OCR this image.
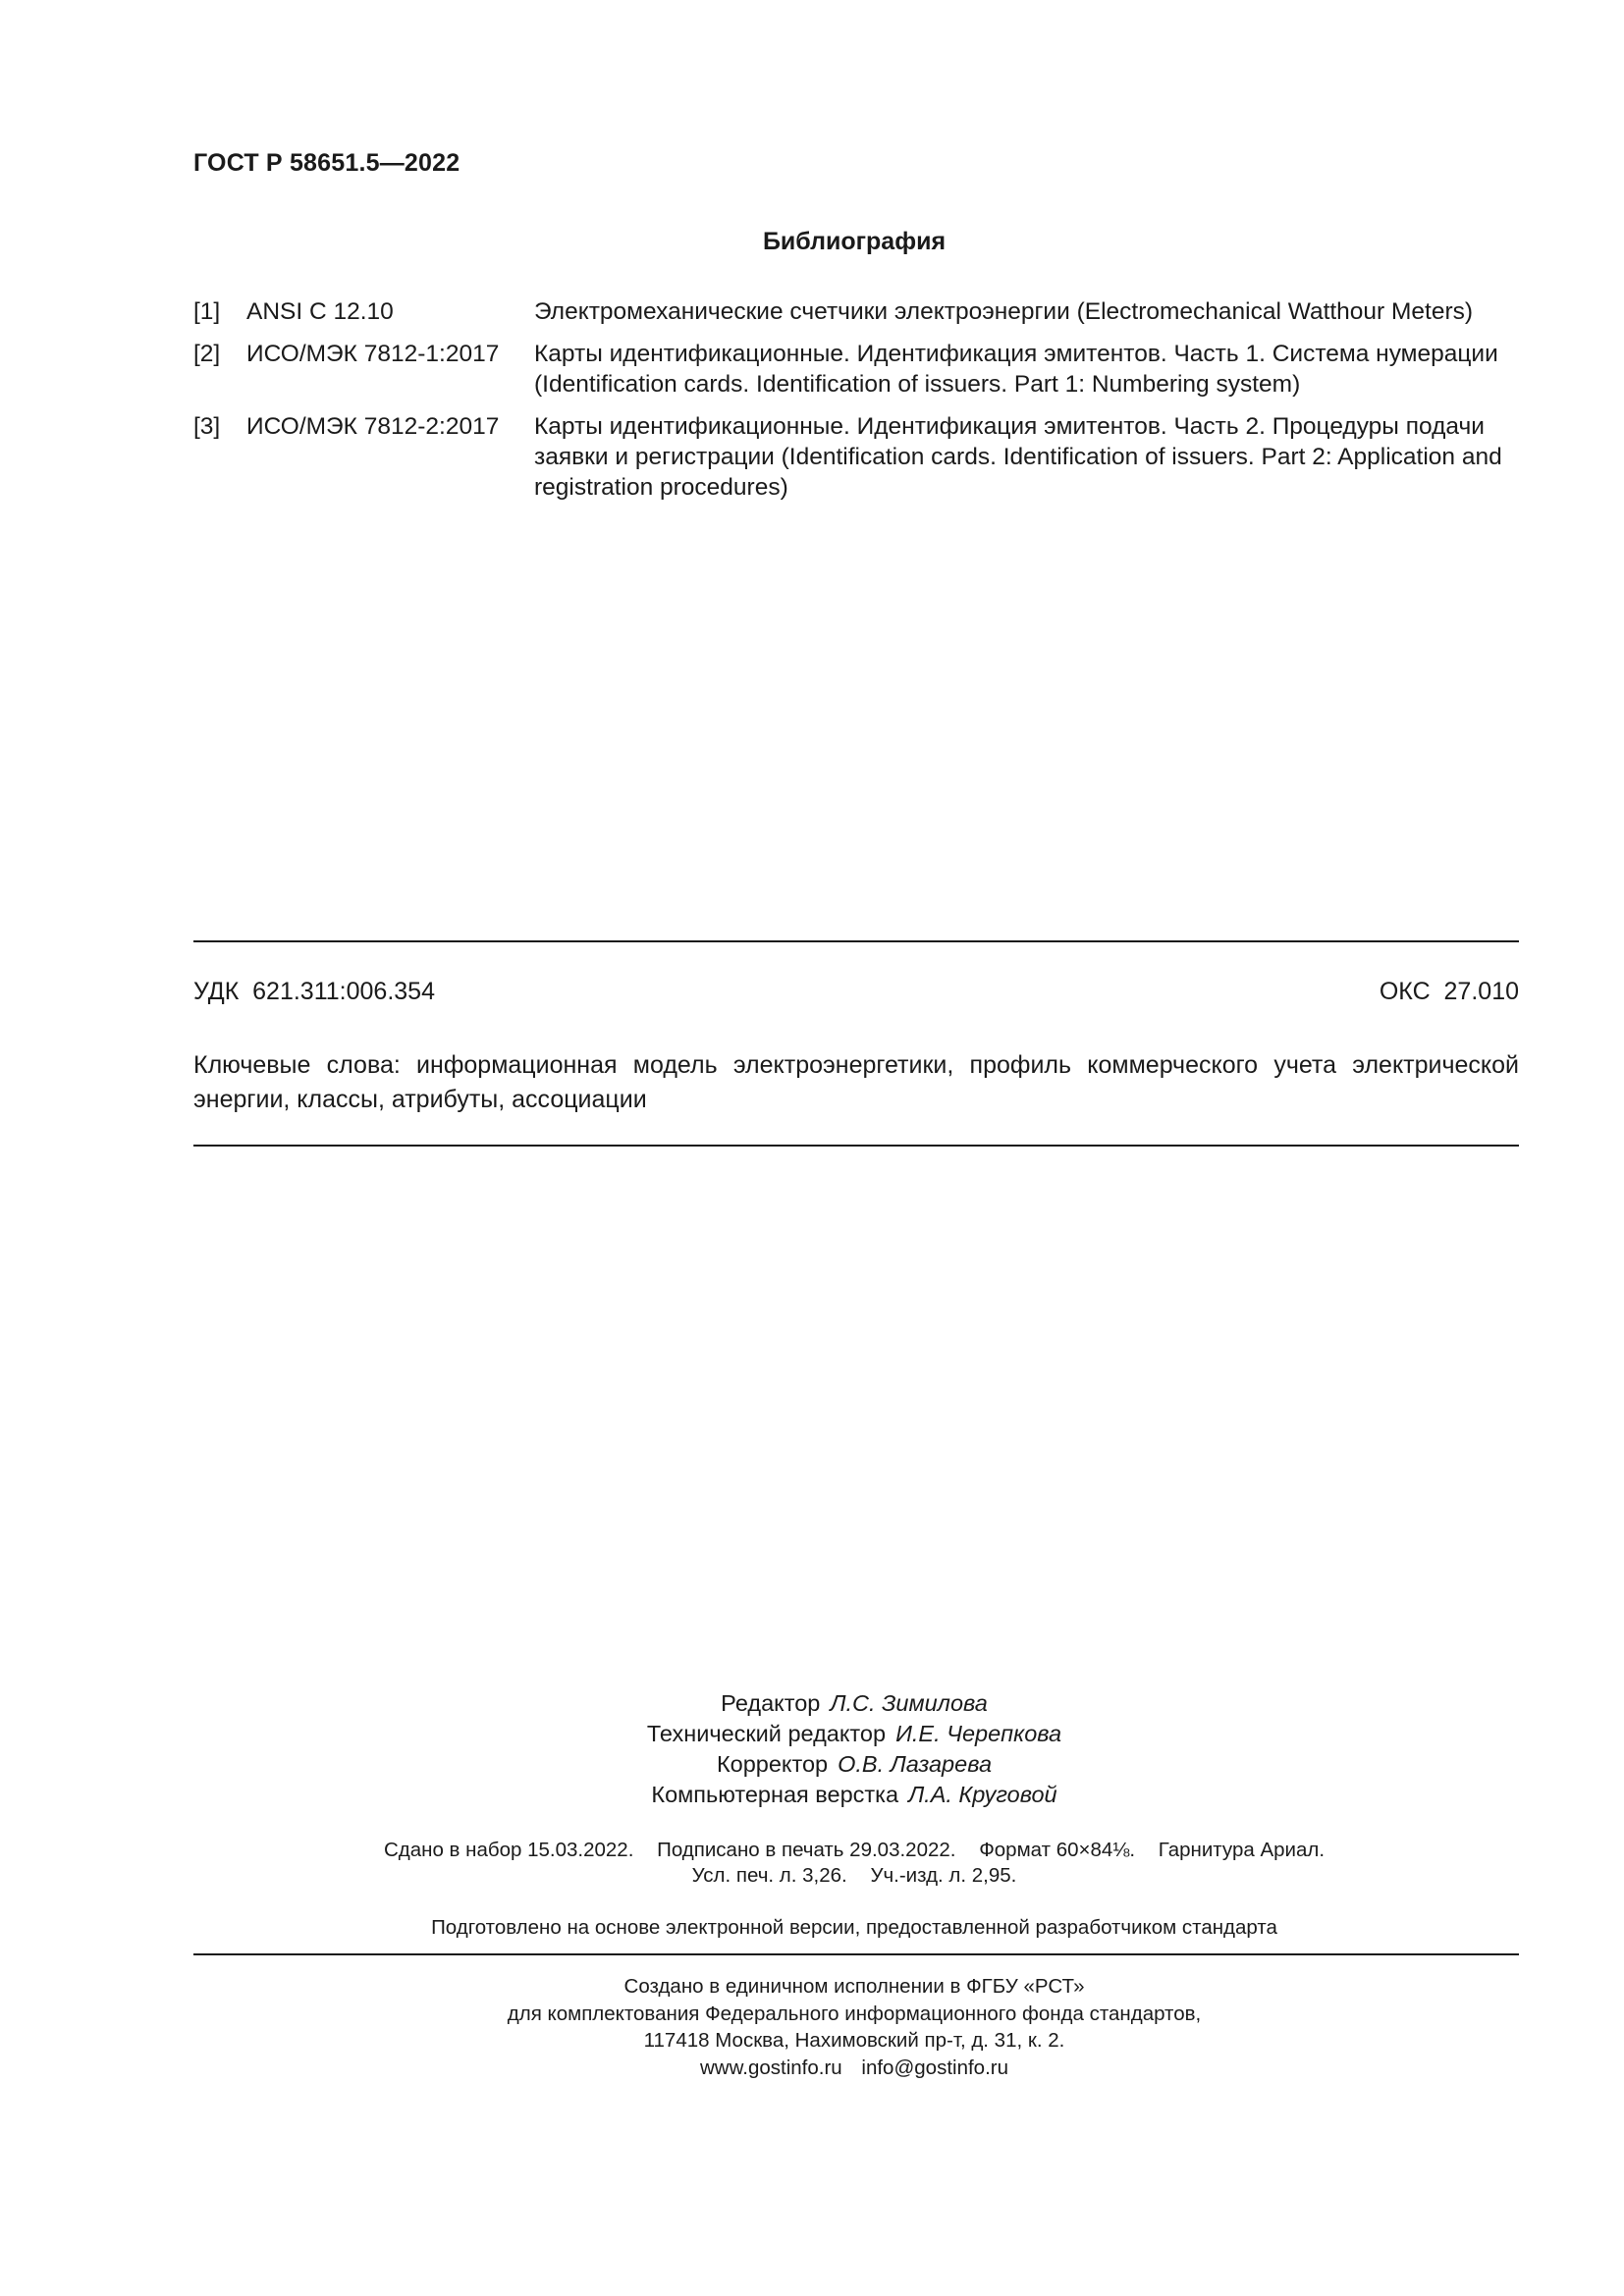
ГОСТ Р 58651.5—2022
Библиография
[1]	ANSI C 12.10	Электромеханические счетчики электроэнергии (Electromechanical Watthour Meters)
[2]	ИСО/МЭК 7812-1:2017	Карты идентификационные. Идентификация эмитентов. Часть 1. Система нумерации (Identification cards. Identification of issuers. Part 1: Numbering system)
[3]	ИСО/МЭК 7812-2:2017	Карты идентификационные. Идентификация эмитентов. Часть 2. Процедуры подачи заявки и регистрации (Identification cards. Identification of issuers. Part 2: Application and registration procedures)
УДК  621.311:006.354	ОКС  27.010
Ключевые слова: информационная модель электроэнергетики, профиль коммерческого учета электрической энергии, классы, атрибуты, ассоциации
Редактор Л.С. Зимилова
Технический редактор И.Е. Черепкова
Корректор О.В. Лазарева
Компьютерная верстка Л.А. Круговой
Сдано в набор 15.03.2022. Подписано в печать 29.03.2022. Формат 60×84⅛. Гарнитура Ариал.
Усл. печ. л. 3,26. Уч.-изд. л. 2,95.
Подготовлено на основе электронной версии, предоставленной разработчиком стандарта
Создано в единичном исполнении в ФГБУ «РСТ»
для комплектования Федерального информационного фонда стандартов,
117418 Москва, Нахимовский пр-т, д. 31, к. 2.
www.gostinfo.ru info@gostinfo.ru
